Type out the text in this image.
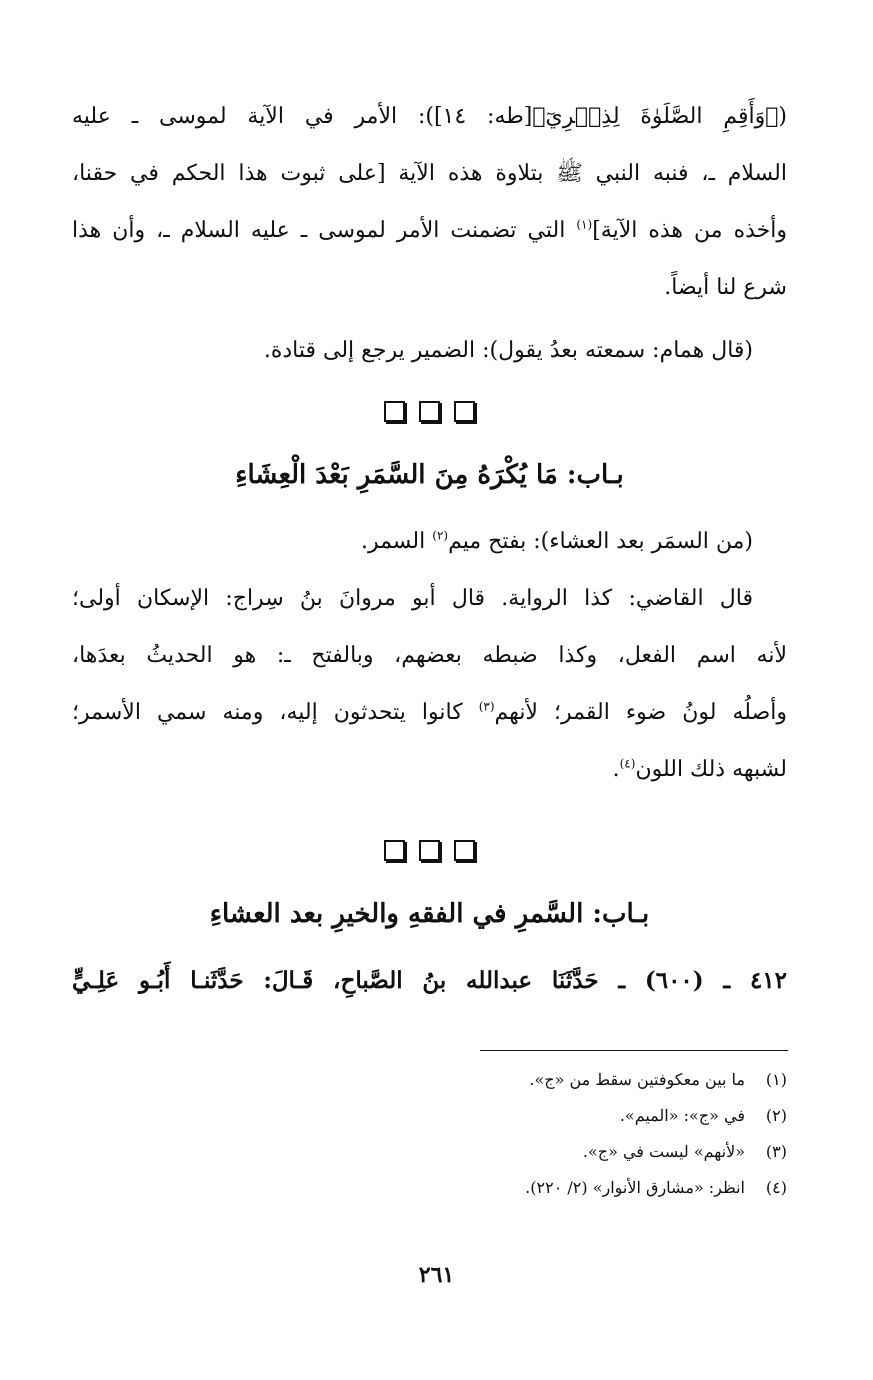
(﴿وَأَقِمِ الصَّلَوٰةَ لِذِكۡرِيٓ﴾[طه: ١٤]): الأمر في الآية لموسى ـ عليه

السلام ـ، فنبه النبي ﷺ بتلاوة هذه الآية [على ثبوت هذا الحكم في حقنا،

وأخذه من هذه الآية]$^{(١)}$ التي تضمنت الأمر لموسى ـ عليه السلام ـ، وأن هذا

شرع لنا أيضاً.

(قال همام: سمعته بعدُ يقول): الضمير يرجع إلى قتادة.

بـاب: مَا يُكْرَهُ مِنَ السَّمَرِ بَعْدَ الْعِشَاءِ

(من السمَر بعد العشاء): بفتح ميم$^{(٢)}$ السمر.

قال القاضي: كذا الرواية. قال أبو مروانَ بنُ سِراج: الإسكان أولى؛

لأنه اسم الفعل، وكذا ضبطه بعضهم، وبالفتح ـ: هو الحديثُ بعدَها،

وأصلُه لونُ ضوء القمر؛ لأنهم$^{(٣)}$ كانوا يتحدثون إليه، ومنه سمي الأسمر؛

لشبهه ذلك اللون$^{(٤)}$.

بـاب: السَّمرِ في الفقهِ والخيرِ بعد العشاءِ

٤١٢ ـ (٦٠٠) ـ حَدَّثَنَا عبدالله بنُ الصَّباحِ، قَـالَ: حَدَّثَنـا أَبُـو عَلِـيٍّ

(١)ما بين معكوفتين سقط من «ج».

(٢)في «ج»: «الميم».

(٣)«لأنهم» ليست في «ج».

(٤)انظر: «مشارق الأنوار» (٢/ ٢٢٠).

٢٦١
